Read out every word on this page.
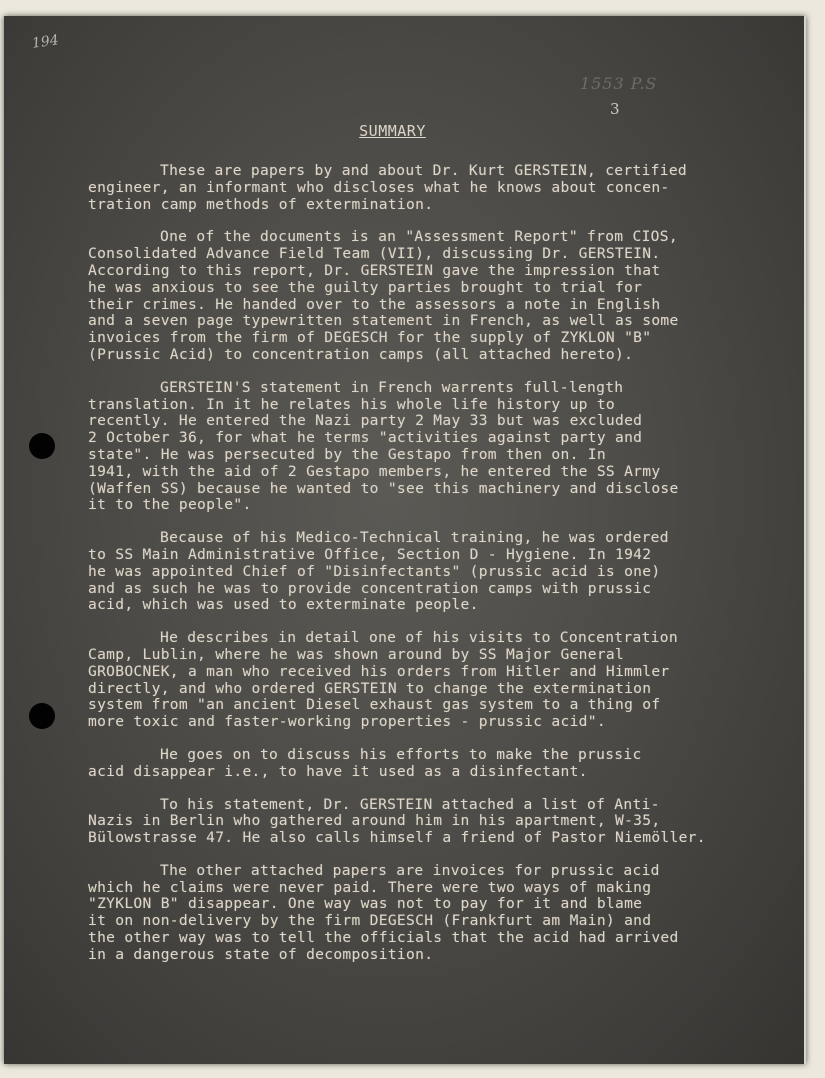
194
1553 P.S
3
SUMMARY

These are papers by and about Dr. Kurt GERSTEIN, certified
engineer, an informant who discloses what he knows about concen-
tration camp methods of extermination.

One of the documents is an "Assessment Report" from CIOS,
Consolidated Advance Field Team (VII), discussing Dr. GERSTEIN.
According to this report, Dr. GERSTEIN gave the impression that
he was anxious to see the guilty parties brought to trial for
their crimes. He handed over to the assessors a note in English
and a seven page typewritten statement in French, as well as some
invoices from the firm of DEGESCH for the supply of ZYKLON "B"
(Prussic Acid) to concentration camps (all attached hereto).

GERSTEIN'S statement in French warrents full-length
translation. In it he relates his whole life history up to
recently. He entered the Nazi party 2 May 33 but was excluded
2 October 36, for what he terms "activities against party and
state". He was persecuted by the Gestapo from then on. In
1941, with the aid of 2 Gestapo members, he entered the SS Army
(Waffen SS) because he wanted to "see this machinery and disclose
it to the people".

Because of his Medico-Technical training, he was ordered
to SS Main Administrative Office, Section D - Hygiene. In 1942
he was appointed Chief of "Disinfectants" (prussic acid is one)
and as such he was to provide concentration camps with prussic
acid, which was used to exterminate people.

He describes in detail one of his visits to Concentration
Camp, Lublin, where he was shown around by SS Major General
GROBOCNEK, a man who received his orders from Hitler and Himmler
directly, and who ordered GERSTEIN to change the extermination
system from "an ancient Diesel exhaust gas system to a thing of
more toxic and faster-working properties - prussic acid".

He goes on to discuss his efforts to make the prussic
acid disappear i.e., to have it used as a disinfectant.

To his statement, Dr. GERSTEIN attached a list of Anti-
Nazis in Berlin who gathered around him in his apartment, W-35,
Bülowstrasse 47. He also calls himself a friend of Pastor Niemöller.

The other attached papers are invoices for prussic acid
which he claims were never paid. There were two ways of making
"ZYKLON B" disappear. One way was not to pay for it and blame
it on non-delivery by the firm DEGESCH (Frankfurt am Main) and
the other way was to tell the officials that the acid had arrived
in a dangerous state of decomposition.
